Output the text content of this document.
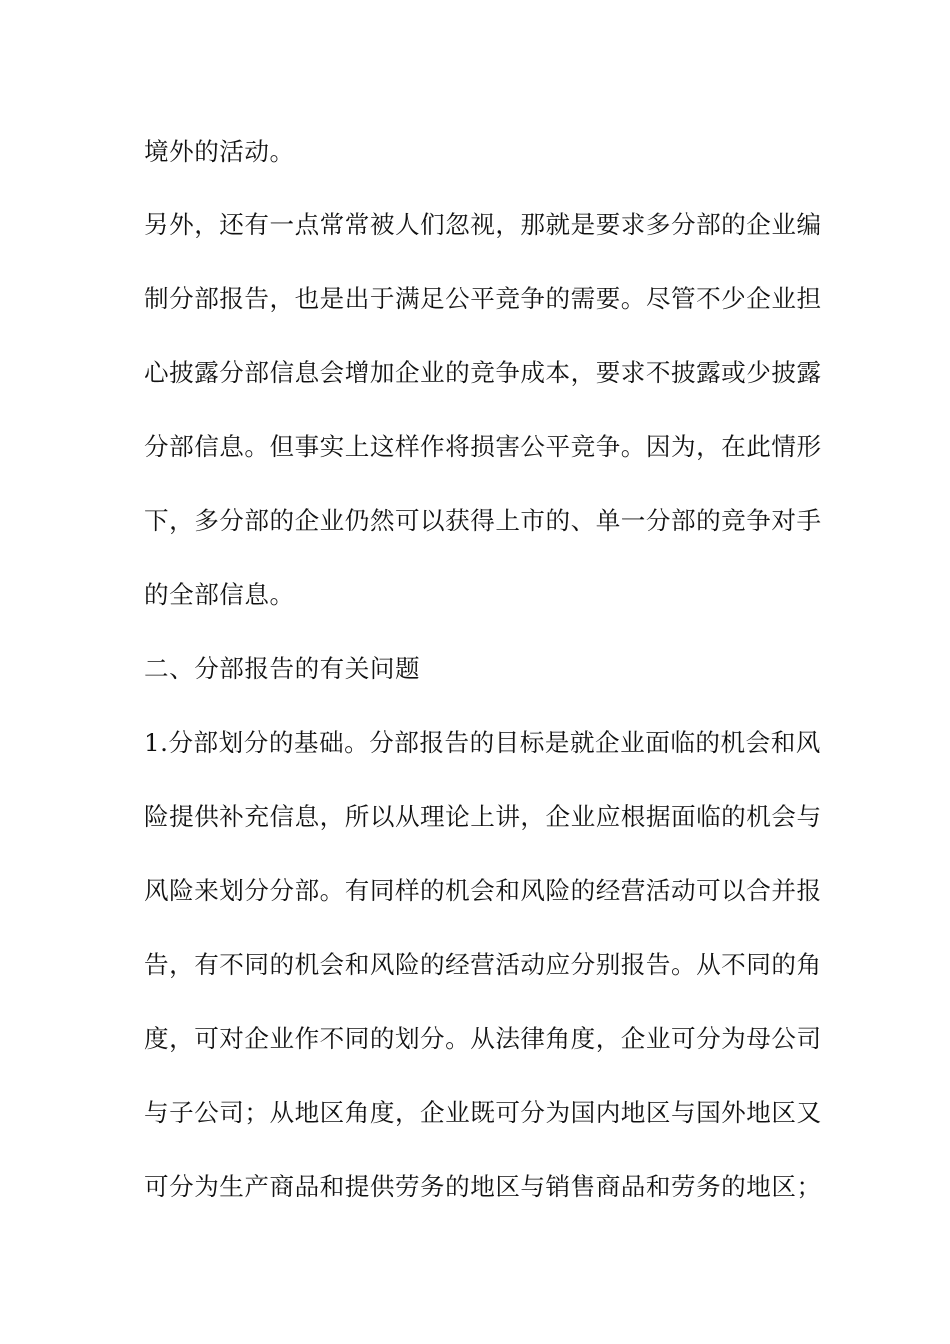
境外的活动。
另外，还有一点常常被人们忽视，那就是要求多分部的企业编
制分部报告，也是出于满足公平竞争的需要。尽管不少企业担
心披露分部信息会增加企业的竞争成本，要求不披露或少披露
分部信息。但事实上这样作将损害公平竞争。因为，在此情形
下，多分部的企业仍然可以获得上市的、单一分部的竞争对手
的全部信息。
二、分部报告的有关问题
1.分部划分的基础。分部报告的目标是就企业面临的机会和风
险提供补充信息，所以从理论上讲，企业应根据面临的机会与
风险来划分分部。有同样的机会和风险的经营活动可以合并报
告，有不同的机会和风险的经营活动应分别报告。从不同的角
度，可对企业作不同的划分。从法律角度，企业可分为母公司
与子公司；从地区角度，企业既可分为国内地区与国外地区又
可分为生产商品和提供劳务的地区与销售商品和劳务的地区；
